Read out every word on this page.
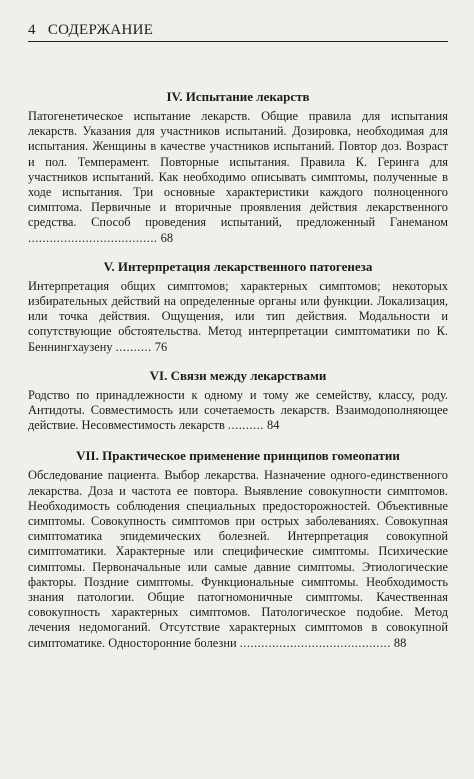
4 СОДЕРЖАНИЕ

IV. Испытание лекарств

Патогенетическое испытание лекарств. Общие правила для испытания лекарств. Указания для участников испытаний. Дозировка, необходимая для испытания. Женщины в качестве участников испытаний. Повтор доз. Возраст и пол. Темперамент. Повторные испытания. Правила К. Геринга для участников испытаний. Как необходимо описывать симптомы, полученные в ходе испытания. Три основные характеристики каждого полноценного симптома. Первичные и вторичные проявления действия лекарственного средства. Способ проведения испытаний, предложенный Ганеманом .................................... 68

V. Интерпретация лекарственного патогенеза

Интерпретация общих симптомов; характерных симптомов; некоторых избирательных действий на определенные органы или функции. Локализация, или точка действия. Ощущения, или тип действия. Модальности и сопутствующие обстоятельства. Метод интерпретации симптоматики по К. Беннингхаузену .......... 76

VI. Связи между лекарствами

Родство по принадлежности к одному и тому же семейству, классу, роду. Антидоты. Совместимость или сочетаемость лекарств. Взаимодополняющее действие. Несовместимость лекарств .......... 84

VII. Практическое применение принципов гомеопатии

Обследование пациента. Выбор лекарства. Назначение одного-единственного лекарства. Доза и частота ее повтора. Выявление совокупности симптомов. Необходимость соблюдения специальных предосторожностей. Объективные симптомы. Совокупность симптомов при острых заболеваниях. Совокупная симптоматика эпидемических болезней. Интерпретация совокупной симптоматики. Характерные или специфические симптомы. Психические симптомы. Первоначальные или самые давние симптомы. Этиологические факторы. Поздние симптомы. Функциональные симптомы. Необходимость знания патологии. Общие патогномоничные симптомы. Качественная совокупность характерных симптомов. Патологическое подобие. Метод лечения недомоганий. Отсутствие характерных симптомов в совокупной симптоматике. Односторонние болезни .......................................... 88
